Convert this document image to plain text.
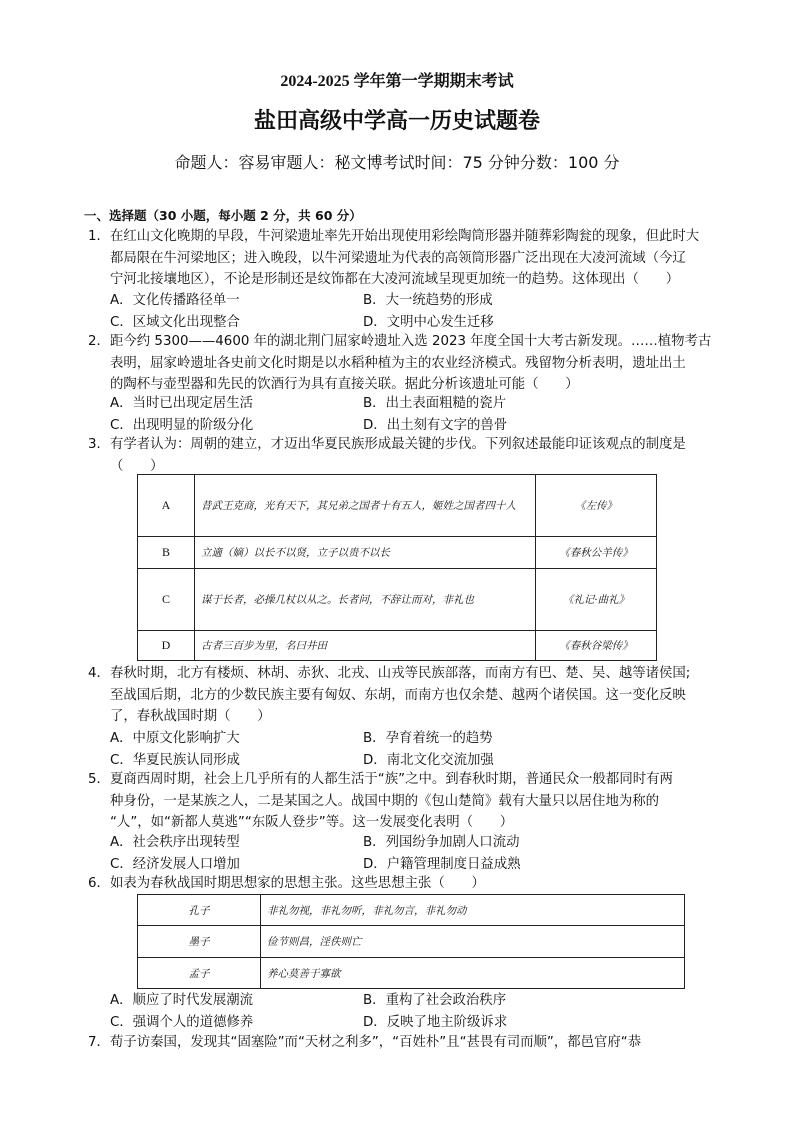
2024-2025 学年第一学期期末考试
盐田高级中学高一历史试题卷
命题人：容易审题人：秘文博考试时间：75 分钟分数：100 分
一、选择题（30 小题，每小题 2 分，共 60 分）
1． 在红山文化晚期的早段，牛河梁遗址率先开始出现使用彩绘陶筒形器并随葬彩陶瓮的现象，但此时大

都局限在牛河梁地区；进入晚段，以牛河梁遗址为代表的高领筒形器广泛出现在大凌河流域（今辽

宁河北接壤地区），不论是形制还是纹饰都在大凌河流域呈现更加统一的趋势。这体现出（　　）

A．文化传播路径单一	B．大一统趋势的形成
C．区域文化出现整合	D．文明中心发生迁移
2． 距今约 5300——4600 年的湖北荆门屈家岭遗址入选 2023 年度全国十大考古新发现。……植物考古

表明，屈家岭遗址各史前文化时期是以水稻种植为主的农业经济模式。残留物分析表明，遗址出土

的陶杯与壶型器和先民的饮酒行为具有直接关联。据此分析该遗址可能（　　）

A．当时已出现定居生活	B．出土表面粗糙的瓷片
C．出现明显的阶级分化	D．出土刻有文字的兽骨
3． 有学者认为：周朝的建立，才迈出华夏民族形成最关键的步伐。下列叙述最能印证该观点的制度是

（　　）

A	昔武王克商，光有天下，其兄弟之国者十有五人，姬姓之国者四十人	《左传》
B	立適（嫡）以长不以贤，立子以贵不以长	《春秋公羊传》
C	谋于长者，必操几杖以从之。长者问，不辞让而对，非礼也	《礼记·曲礼》
D	古者三百步为里，名曰井田	《春秋谷梁传》
4． 春秋时期，北方有楼烦、林胡、赤狄、北戎、山戎等民族部落，而南方有巴、楚、吴、越等诸侯国;

至战国后期，北方的少数民族主要有匈奴、东胡，而南方也仅余楚、越两个诸侯国。这一变化反映

了，春秋战国时期（　　）

A．中原文化影响扩大	B．孕育着统一的趋势
C．华夏民族认同形成	D．南北文化交流加强
5． 夏商西周时期，社会上几乎所有的人都生活于“族”之中。到春秋时期，普通民众一般都同时有两

种身份，一是某族之人，二是某国之人。战国中期的《包山楚简》载有大量只以居住地为称的

“人”，如“新都人莫逃”“东阪人登步”等。这一发展变化表明（　　）

A．社会秩序出现转型	B．列国纷争加剧人口流动
C．经济发展人口增加	D．户籍管理制度日益成熟
6． 如表为春秋战国时期思想家的思想主张。这些思想主张（　　）

孔子	非礼勿视，非礼勿听，非礼勿言，非礼勿动
墨子	俭节则昌，淫佚则亡
孟子	养心莫善于寡欲
A．顺应了时代发展潮流	B．重构了社会政治秩序
C．强调个人的道德修养	D．反映了地主阶级诉求
7． 荀子访秦国，发现其“固塞险”而“天材之利多”，“百姓朴”且“甚畏有司而顺”，都邑官府“恭
